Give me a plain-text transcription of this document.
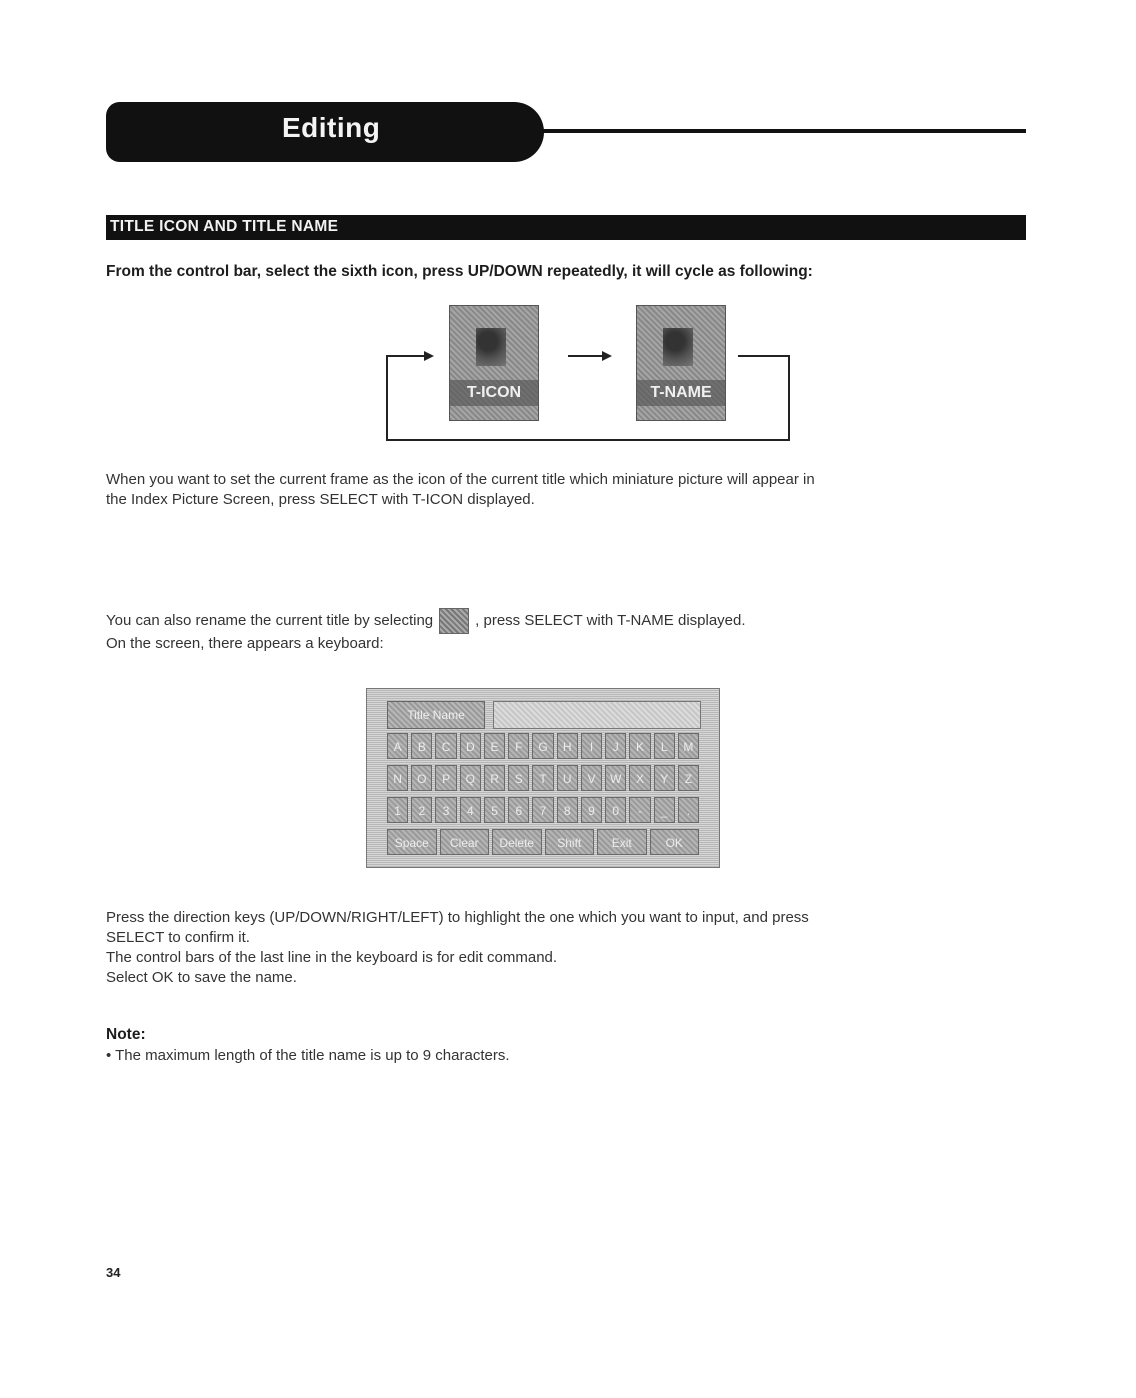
Editing
TITLE ICON AND TITLE NAME
From the control bar, select the sixth icon, press UP/DOWN repeatedly, it will cycle as following:
T-ICON	T-NAME
When you want to set the current frame as the icon of the current title which miniature picture will appear in
the Index Picture Screen, press SELECT with T-ICON displayed.
You can also rename the current title by selecting	, press SELECT with T-NAME displayed.
On the screen, there appears a keyboard:
Title Name
A	B	C	D	E	F	G	H	I	J	K	L	M
N	O	P	Q	R	S	T	U	V	W	X	Y	Z
1	2	3	4	5	6	7	8	9	0	-	_	.
Space	Clear	Delete	Shift	Exit	OK
Press the direction keys (UP/DOWN/RIGHT/LEFT) to highlight the one which you want to input, and press
SELECT to confirm it.
The control bars of the last line in the keyboard is for edit command.
Select OK to save the name.
Note:
• The maximum length of the title name is up to 9 characters.
34
